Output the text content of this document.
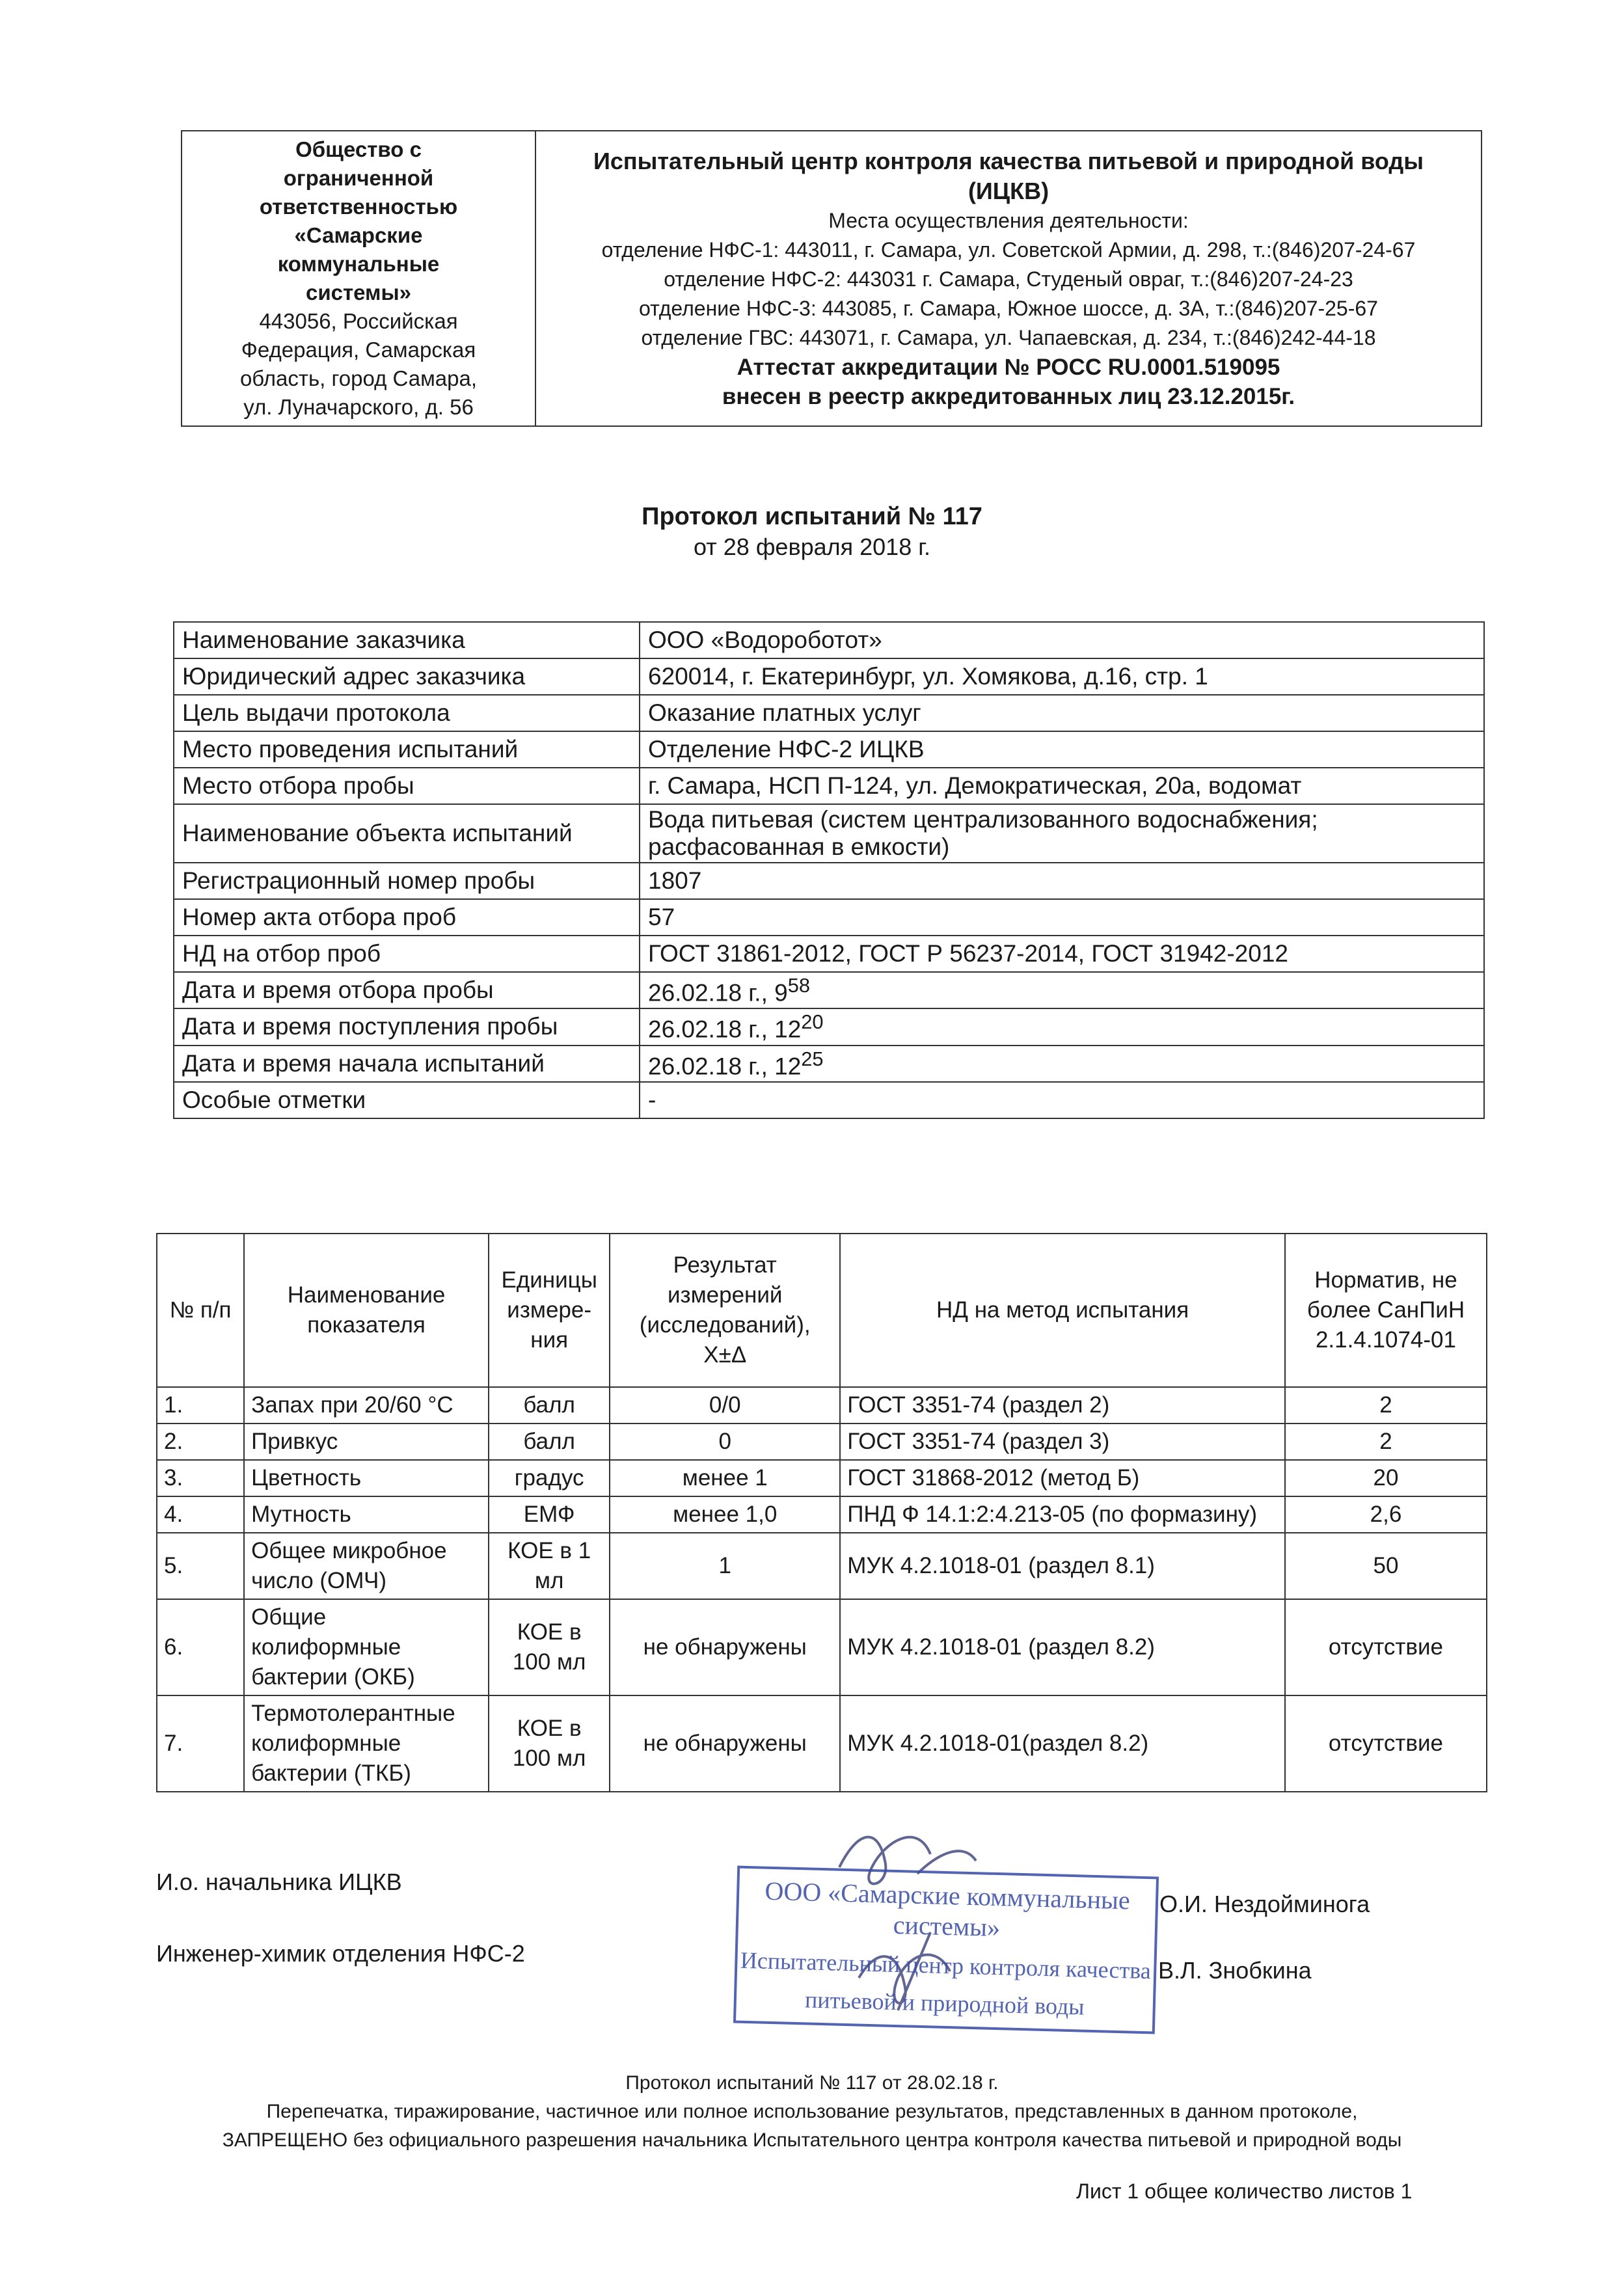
Общество с
ограниченной
ответственностью
«Самарские
коммунальные
системы»
443056, Российская
Федерация, Самарская
область, город Самара,
ул. Луначарского, д. 56

Испытательный центр контроля качества питьевой и природной воды
(ИЦКВ)
Места осуществления деятельности:
отделение НФС-1: 443011, г. Самара, ул. Советской Армии, д. 298, т.:(846)207-24-67
отделение НФС-2: 443031 г. Самара, Студеный овраг, т.:(846)207-24-23
отделение НФС-3: 443085, г. Самара, Южное шоссе, д. 3А, т.:(846)207-25-67
отделение ГВС: 443071, г. Самара, ул. Чапаевская, д. 234, т.:(846)242-44-18
Аттестат аккредитации № РОСС RU.0001.519095
внесен в реестр аккредитованных лиц 23.12.2015г.
Протокол испытаний № 117
от 28 февраля 2018 г.
Наименование заказчика	ООО «Водороботот»
Юридический адрес заказчика	620014, г. Екатеринбург, ул. Хомякова, д.16, стр. 1
Цель выдачи протокола	Оказание платных услуг
Место проведения испытаний	Отделение НФС-2 ИЦКВ
Место отбора пробы	г. Самара, НСП П-124, ул. Демократическая, 20а, водомат
Наименование объекта испытаний	Вода питьевая (систем централизованного водоснабжения; расфасованная в емкости)
Регистрационный номер пробы	1807
Номер акта отбора проб	57
НД на отбор проб	ГОСТ 31861-2012, ГОСТ Р 56237-2014, ГОСТ 31942-2012
Дата и время отбора пробы	26.02.18 г., $9^{58}$
Дата и время поступления пробы	26.02.18 г., $12^{20}$
Дата и время начала испытаний	26.02.18 г., $12^{25}$
Особые отметки	-
№ п/п	Наименование показателя	Единицы измере-ния	Результат измерений (исследований), X±Δ	НД на метод испытания	Норматив, не более СанПиН 2.1.4.1074-01
1.	Запах при 20/60 °С	балл	0/0	ГОСТ 3351-74 (раздел 2)	2
2.	Привкус	балл	0	ГОСТ 3351-74 (раздел 3)	2
3.	Цветность	градус	менее 1	ГОСТ 31868-2012 (метод Б)	20
4.	Мутность	ЕМФ	менее 1,0	ПНД Ф 14.1:2:4.213-05 (по формазину)	2,6
5.	Общее микробное число (ОМЧ)	КОЕ в 1 мл	1	МУК 4.2.1018-01 (раздел 8.1)	50
6.	Общие колиформные бактерии (ОКБ)	КОЕ в 100 мл	не обнаружены	МУК 4.2.1018-01 (раздел 8.2)	отсутствие
7.	Термотолерантные колиформные бактерии (ТКБ)	КОЕ в 100 мл	не обнаружены	МУК 4.2.1018-01(раздел 8.2)	отсутствие
И.о. начальника ИЦКВ
Инженер-химик отделения НФС-2
ООО «Самарские коммунальные системы»
Испытательный центр контроля качества
питьевой и природной воды
О.И. Нездойминога
В.Л. Знобкина
Протокол испытаний № 117 от 28.02.18 г.
Перепечатка, тиражирование, частичное или полное использование результатов, представленных в данном протоколе,
ЗАПРЕЩЕНО без официального разрешения начальника Испытательного центра контроля качества питьевой и природной воды
Лист 1 общее количество листов 1
